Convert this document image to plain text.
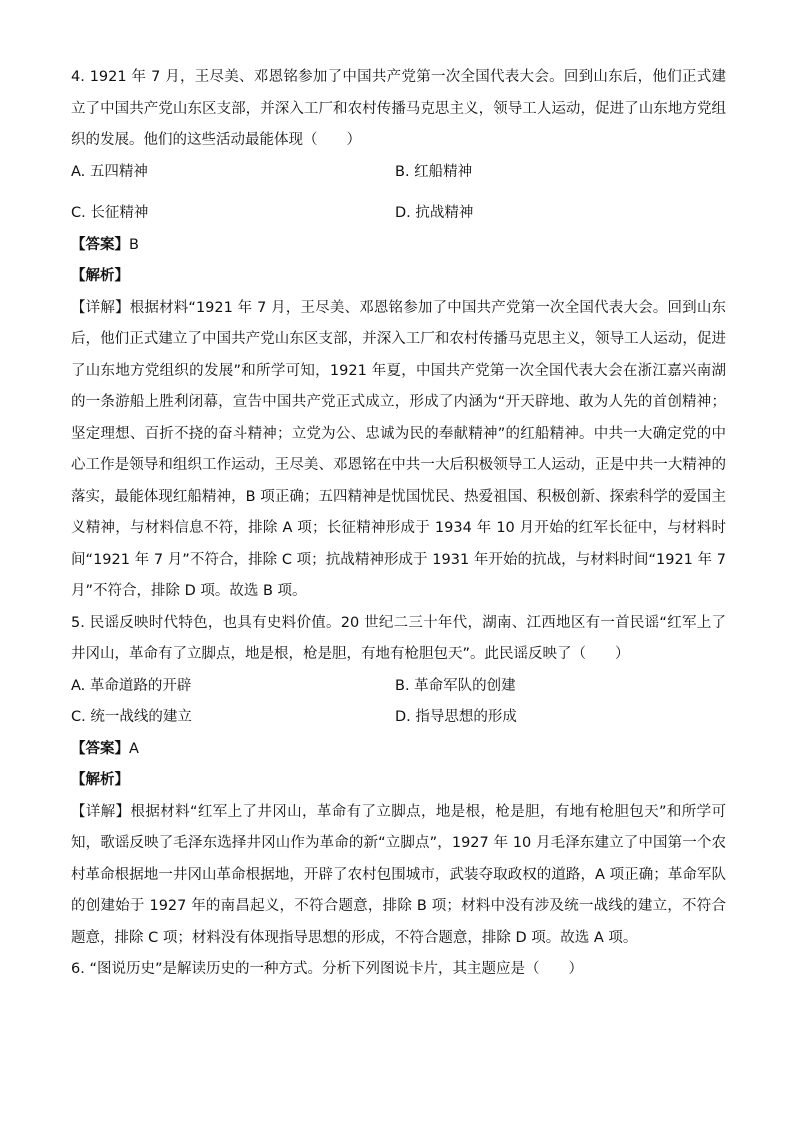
4. 1921 年 7 月，王尽美、邓恩铭参加了中国共产党第一次全国代表大会。回到山东后，他们正式建立了中国共产党山东区支部，并深入工厂和农村传播马克思主义，领导工人运动，促进了山东地方党组织的发展。他们的这些活动最能体现（　　）

A. 五四精神	B. 红船精神
C. 长征精神	D. 抗战精神

【答案】B

【解析】

【详解】根据材料“1921 年 7 月，王尽美、邓恩铭参加了中国共产党第一次全国代表大会。回到山东后，他们正式建立了中国共产党山东区支部，并深入工厂和农村传播马克思主义，领导工人运动，促进了山东地方党组织的发展”和所学可知，1921 年夏，中国共产党第一次全国代表大会在浙江嘉兴南湖的一条游船上胜利闭幕，宣告中国共产党正式成立，形成了内涵为“开天辟地、敢为人先的首创精神；坚定理想、百折不挠的奋斗精神；立党为公、忠诚为民的奉献精神”的红船精神。中共一大确定党的中心工作是领导和组织工作运动，王尽美、邓恩铭在中共一大后积极领导工人运动，正是中共一大精神的落实，最能体现红船精神，B 项正确；五四精神是忧国忧民、热爱祖国、积极创新、探索科学的爱国主义精神，与材料信息不符，排除 A 项；长征精神形成于 1934 年 10 月开始的红军长征中，与材料时间“1921 年 7 月”不符合，排除 C 项；抗战精神形成于 1931 年开始的抗战，与材料时间“1921 年 7 月”不符合，排除 D 项。故选 B 项。

5. 民谣反映时代特色，也具有史料价值。20 世纪二三十年代，湖南、江西地区有一首民谣“红军上了井冈山，革命有了立脚点，地是根，枪是胆，有地有枪胆包天”。此民谣反映了（　　）

A. 革命道路的开辟	B. 革命军队的创建
C. 统一战线的建立	D. 指导思想的形成

【答案】A

【解析】

【详解】根据材料“红军上了井冈山，革命有了立脚点，地是根，枪是胆，有地有枪胆包天”和所学可知，歌谣反映了毛泽东选择井冈山作为革命的新“立脚点”，1927 年 10 月毛泽东建立了中国第一个农村革命根据地一井冈山革命根据地，开辟了农村包围城市，武装夺取政权的道路，A 项正确；革命军队的创建始于 1927 年的南昌起义，不符合题意，排除 B 项；材料中没有涉及统一战线的建立，不符合题意，排除 C 项；材料没有体现指导思想的形成，不符合题意，排除 D 项。故选 A 项。

6. “图说历史”是解读历史的一种方式。分析下列图说卡片，其主题应是（　　）
